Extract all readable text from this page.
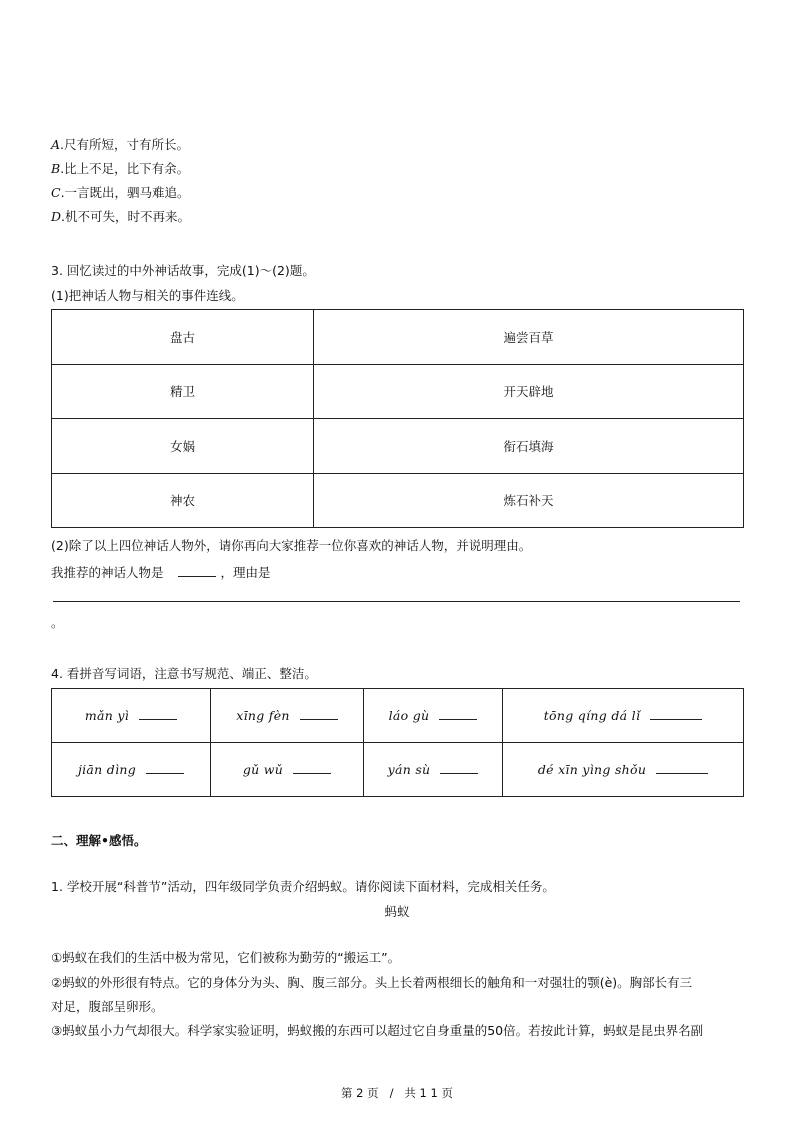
A.尺有所短，寸有所长。
B.比上不足，比下有余。
C.一言既出，驷马难追。
D.机不可失，时不再来。
3. 回忆读过的中外神话故事，完成(1)～(2)题。
(1)把神话人物与相关的事件连线。
盘古	遍尝百草
精卫	开天辟地
女娲	衔石填海
神农	炼石补天
(2)除了以上四位神话人物外，请你再向大家推荐一位你喜欢的神话人物，并说明理由。
我推荐的神话人物是	，理由是
。
4. 看拼音写词语，注意书写规范、端正、整洁。
mǎn yì	xīng fèn	láo gù	tōng qíng dá lǐ
jiān dìng	gǔ wǔ	yán sù	dé xīn yìng shǒu
二、理解•感悟。
1. 学校开展“科普节”活动，四年级同学负责介绍蚂蚁。请你阅读下面材料，完成相关任务。
蚂蚁
①蚂蚁在我们的生活中极为常见，它们被称为勤劳的“搬运工”。
②蚂蚁的外形很有特点。它的身体分为头、胸、腹三部分。头上长着两根细长的触角和一对强壮的颚(è)。胸部长有三
对足，腹部呈卵形。
③蚂蚁虽小力气却很大。科学家实验证明，蚂蚁搬的东西可以超过它自身重量的50倍。若按此计算，蚂蚁是昆虫界名副
第 2 页   /   共 1 1 页
